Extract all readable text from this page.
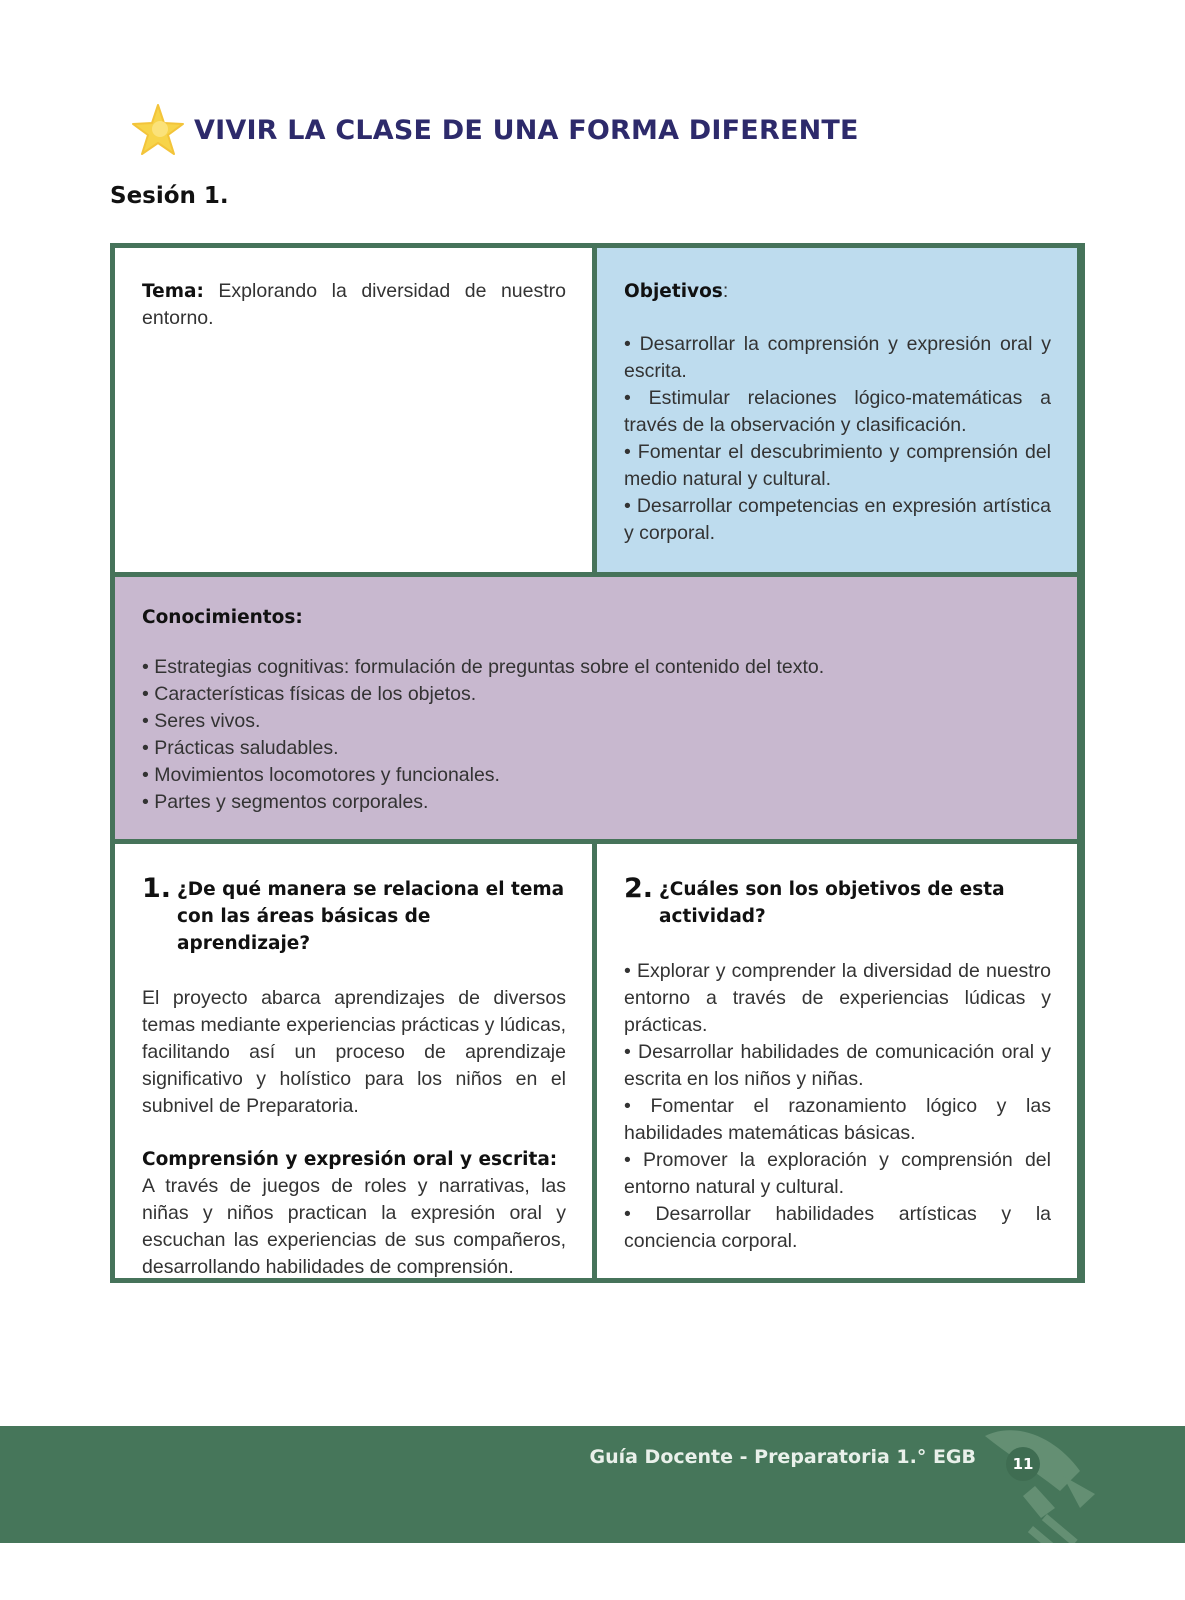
VIVIR LA CLASE DE UNA FORMA DIFERENTE
Sesión 1.
Tema: Explorando la diversidad de nuestro entorno.
Objetivos:
• Desarrollar la comprensión y expresión oral y escrita.
• Estimular relaciones lógico-matemáticas a través de la observación y clasificación.
• Fomentar el descubrimiento y comprensión del medio natural y cultural.
• Desarrollar competencias en expresión artística y corporal.
Conocimientos:
• Estrategias cognitivas: formulación de preguntas sobre el contenido del texto.
• Características físicas de los objetos.
• Seres vivos.
• Prácticas saludables.
• Movimientos locomotores y funcionales.
• Partes y segmentos corporales.
1. ¿De qué manera se relaciona el tema con las áreas básicas de aprendizaje?
El proyecto abarca aprendizajes de diversos temas mediante experiencias prácticas y lúdicas, facilitando así un proceso de aprendizaje significativo y holístico para los niños en el subnivel de Preparatoria.
Comprensión y expresión oral y escrita:
A través de juegos de roles y narrativas, las niñas y niños practican la expresión oral y escuchan las experiencias de sus compañeros, desarrollando habilidades de comprensión.
2. ¿Cuáles son los objetivos de esta actividad?
• Explorar y comprender la diversidad de nuestro entorno a través de experiencias lúdicas y prácticas.
• Desarrollar habilidades de comunicación oral y escrita en los niños y niñas.
• Fomentar el razonamiento lógico y las habilidades matemáticas básicas.
• Promover la exploración y comprensión del entorno natural y cultural.
• Desarrollar habilidades artísticas y la conciencia corporal.
Guía Docente - Preparatoria 1.° EGB	11
